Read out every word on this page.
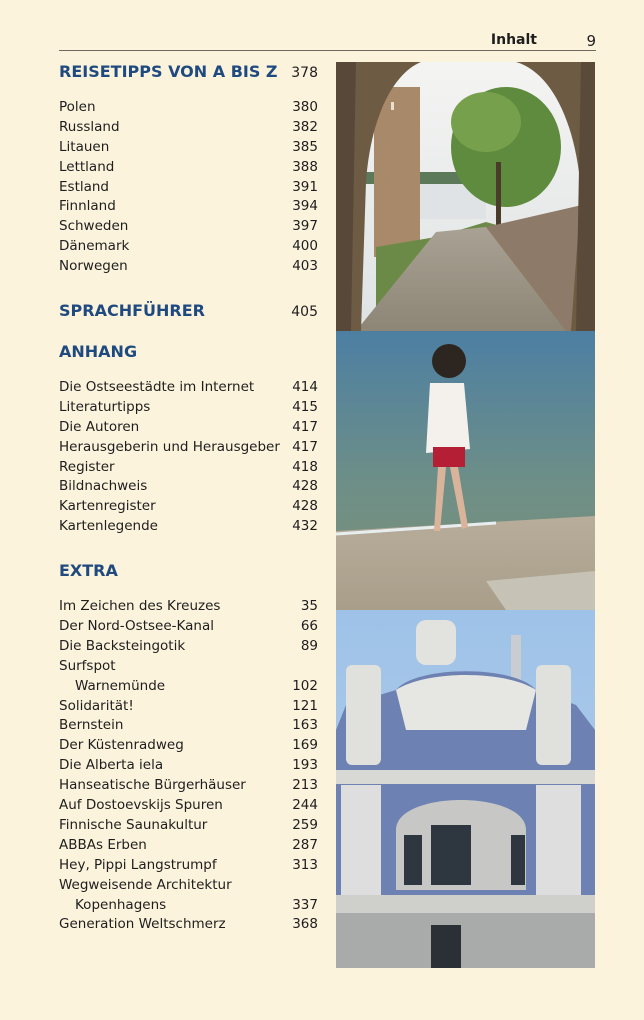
Inhalt	9
REISETIPPS VON A BIS Z 378
Polen	380
Russland	382
Litauen	385
Lettland	388
Estland	391
Finnland	394
Schweden	397
Dänemark	400
Norwegen	403
SPRACHFÜHRER	405
ANHANG
Die Ostseestädte im Internet	414
Literaturtipps	415
Die Autoren	417
Herausgeberin und Herausgeber 417
Register	418
Bildnachweis	428
Kartenregister	428
Kartenlegende	432
EXTRA
Im Zeichen des Kreuzes	35
Der Nord-Ostsee-Kanal	66
Die Backsteingotik	89
Surfspot
Warnemünde	102
Solidarität!	121
Bernstein	163
Der Küstenradweg	169
Die Alberta iela	193
Hanseatische Bürgerhäuser	213
Auf Dostoevskijs Spuren	244
Finnische Saunakultur	259
ABBAs Erben	287
Hey, Pippi Langstrumpf	313
Wegweisende Architektur
Kopenhagens	337
Generation Weltschmerz	368
